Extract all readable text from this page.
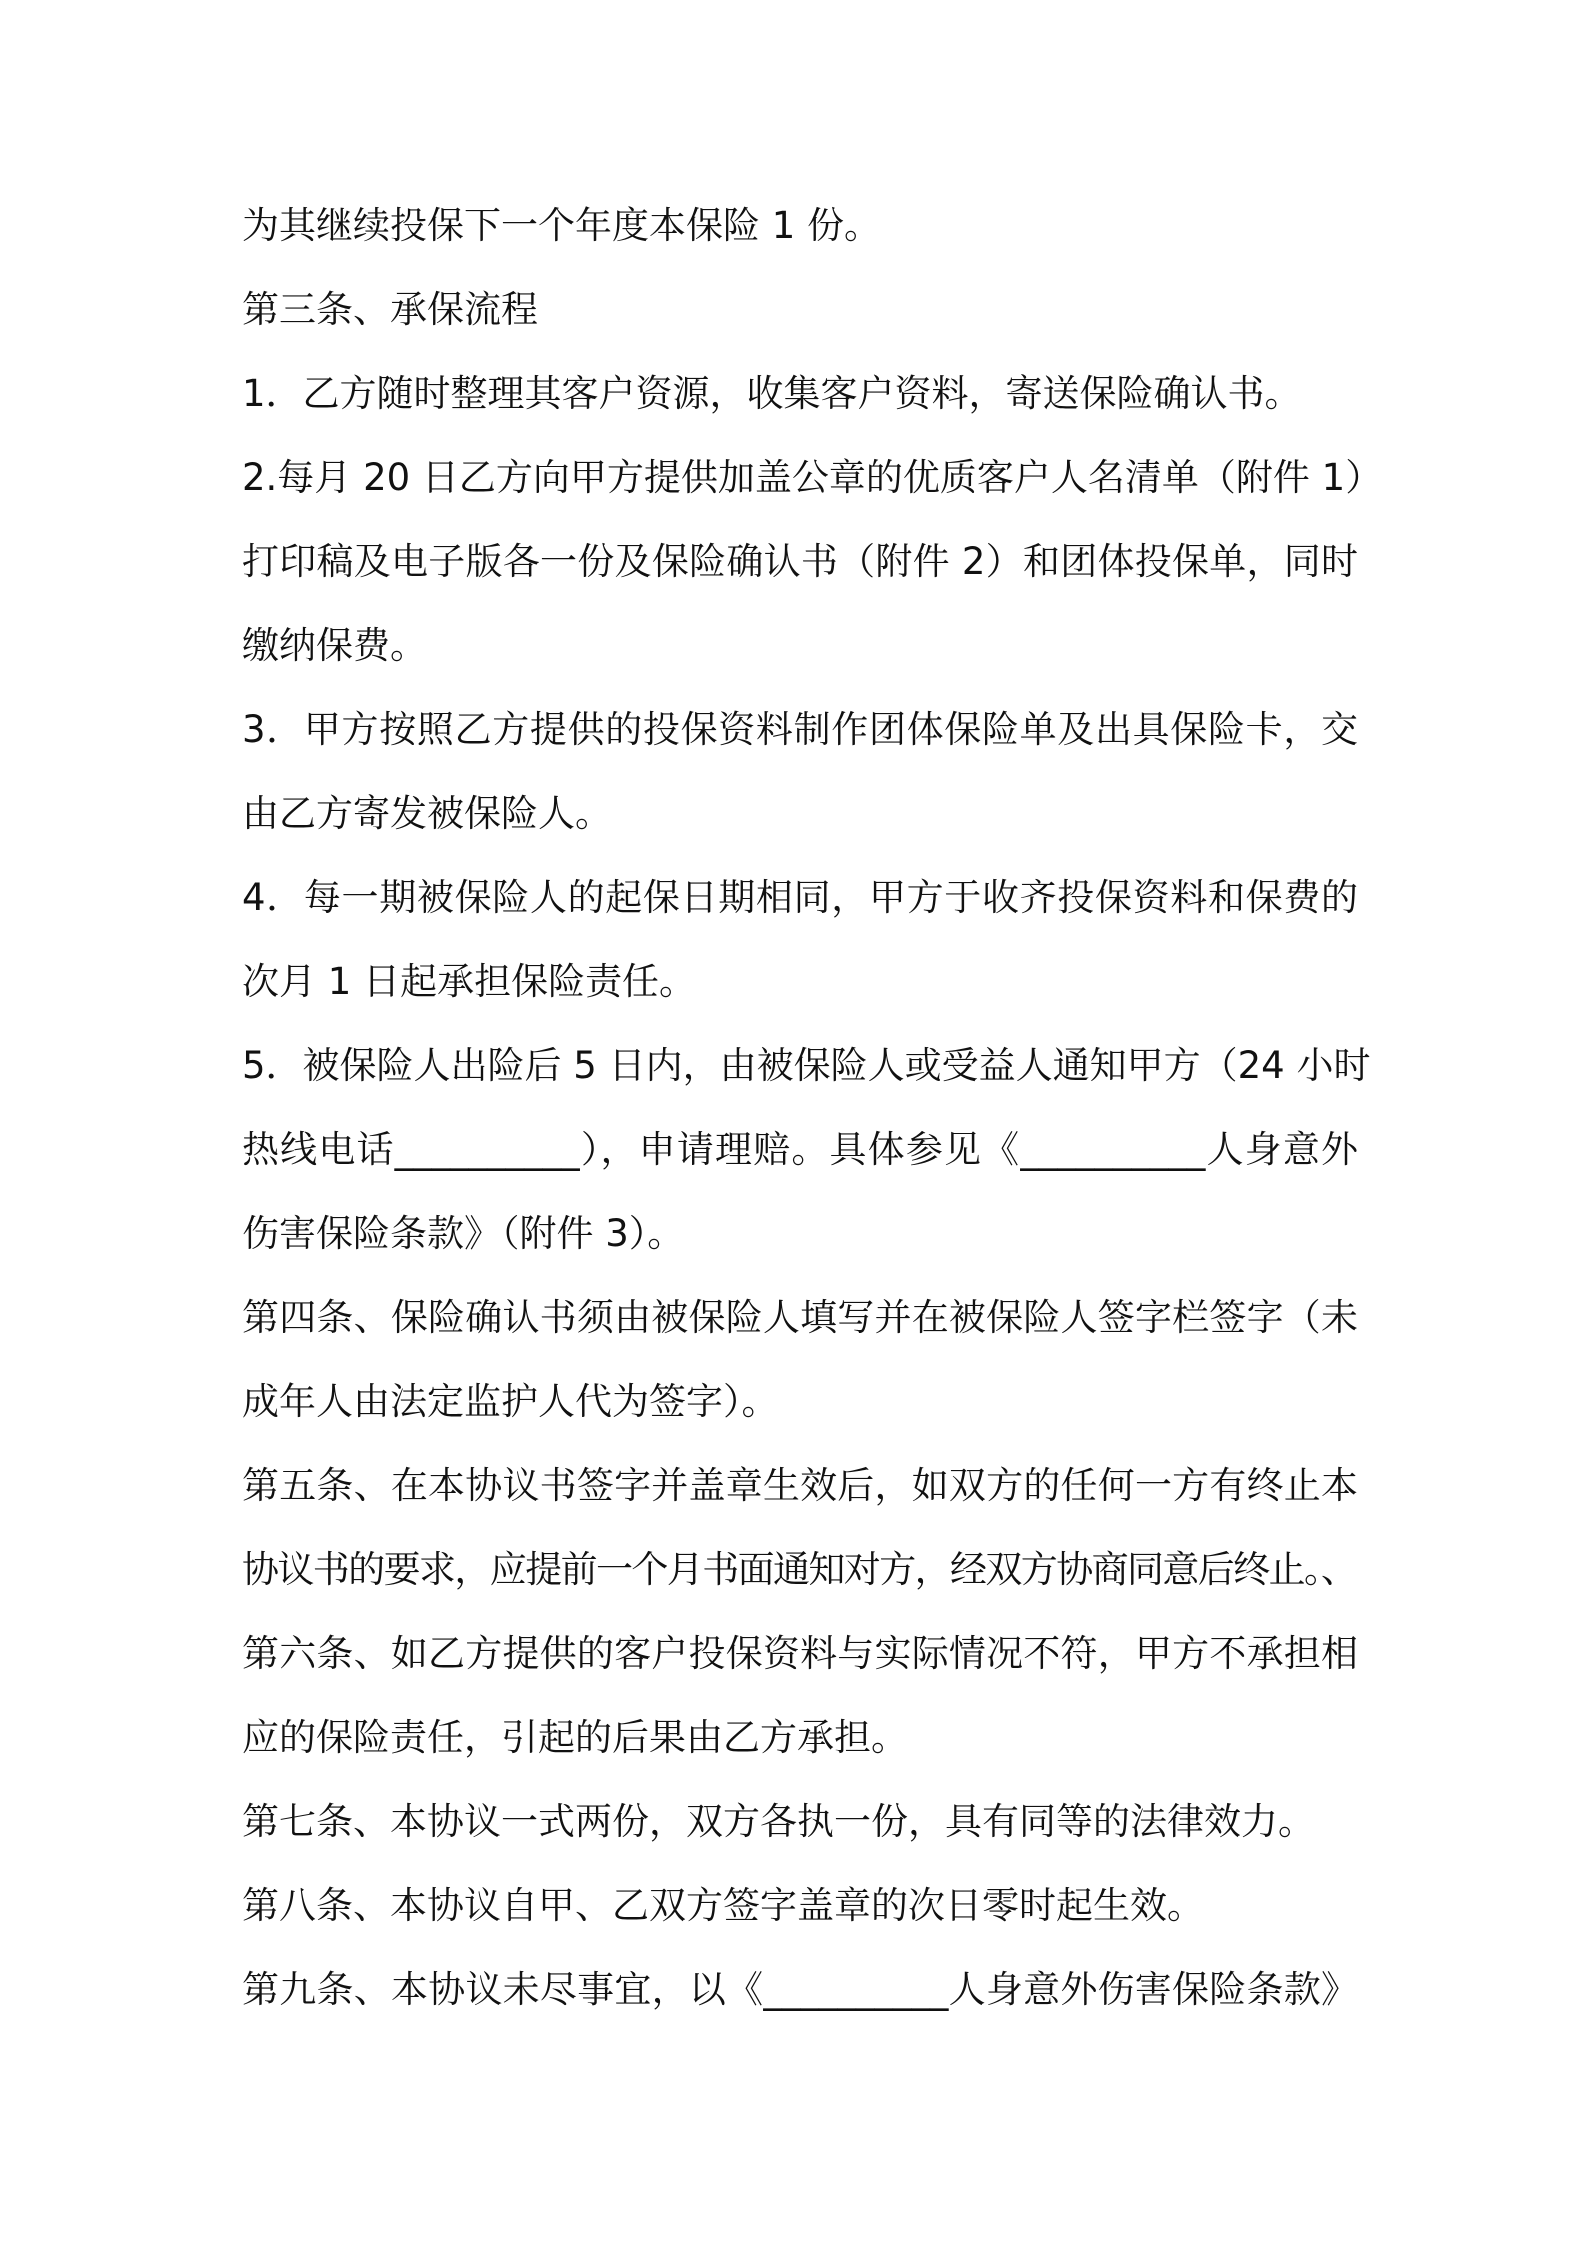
为其继续投保下一个年度本保险 1 份。
第三条、承保流程
1．乙方随时整理其客户资源，收集客户资料，寄送保险确认书。
2.每月 20 日乙方向甲方提供加盖公章的优质客户人名清单（附件 1）
打印稿及电子版各一份及保险确认书（附件 2）和团体投保单，同时
缴纳保费。
3．甲方按照乙方提供的投保资料制作团体保险单及出具保险卡，交
由乙方寄发被保险人。
4．每一期被保险人的起保日期相同，甲方于收齐投保资料和保费的
次月 1 日起承担保险责任。
5．被保险人出险后 5 日内，由被保险人或受益人通知甲方（24 小时
热线电话__________），申请理赔。具体参见《__________人身意外
伤害保险条款》（附件 3）。
第四条、保险确认书须由被保险人填写并在被保险人签字栏签字（未
成年人由法定监护人代为签字）。
第五条、在本协议书签字并盖章生效后，如双方的任何一方有终止本
协议书的要求，应提前一个月书面通知对方，经双方协商同意后终止。、
第六条、如乙方提供的客户投保资料与实际情况不符，甲方不承担相
应的保险责任，引起的后果由乙方承担。
第七条、本协议一式两份，双方各执一份，具有同等的法律效力。
第八条、本协议自甲、乙双方签字盖章的次日零时起生效。
第九条、本协议未尽事宜，以《__________人身意外伤害保险条款》
